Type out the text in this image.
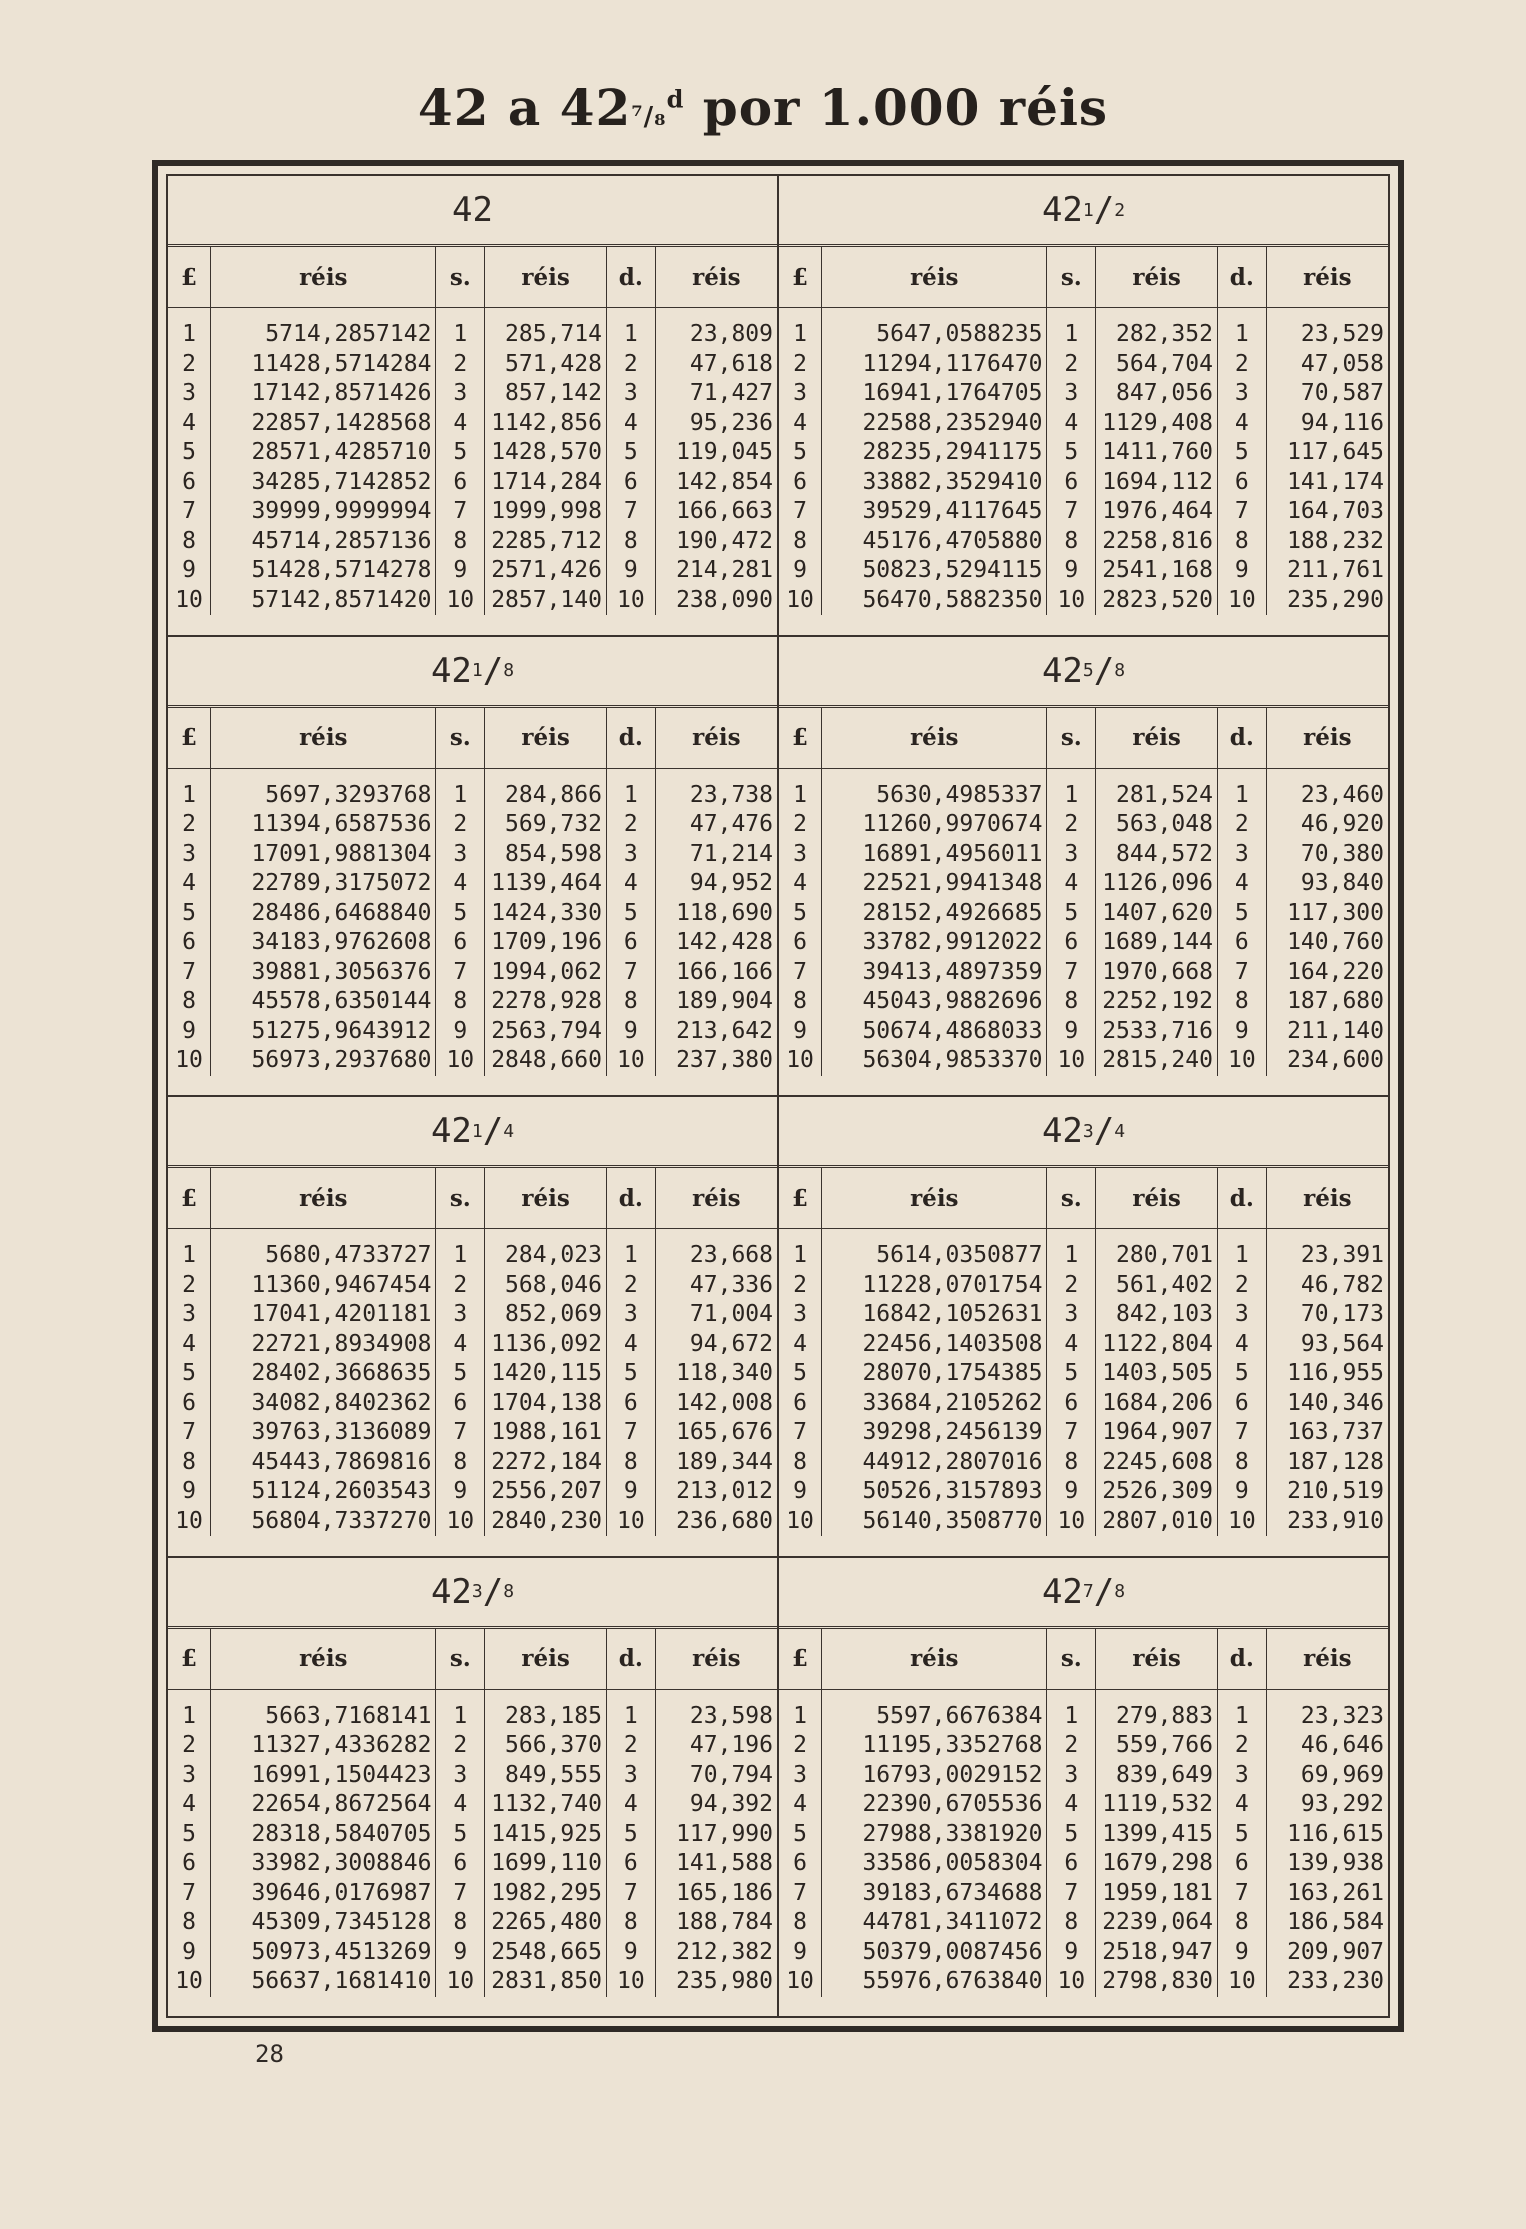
42 a 42⁷/₈$^d$ por 1.000 réis
42
£	réis	s.	réis	d.	réis
1	5714,2857142	1	285,714	1	23,809
2	11428,5714284	2	571,428	2	47,618
3	17142,8571426	3	857,142	3	71,427
4	22857,1428568	4	1142,856	4	95,236
5	28571,4285710	5	1428,570	5	119,045
6	34285,7142852	6	1714,284	6	142,854
7	39999,9999994	7	1999,998	7	166,663
8	45714,2857136	8	2285,712	8	190,472
9	51428,5714278	9	2571,426	9	214,281
10	57142,8571420	10	2857,140	10	238,090
42 1 / 2
£	réis	s.	réis	d.	réis
1	5647,0588235	1	282,352	1	23,529
2	11294,1176470	2	564,704	2	47,058
3	16941,1764705	3	847,056	3	70,587
4	22588,2352940	4	1129,408	4	94,116
5	28235,2941175	5	1411,760	5	117,645
6	33882,3529410	6	1694,112	6	141,174
7	39529,4117645	7	1976,464	7	164,703
8	45176,4705880	8	2258,816	8	188,232
9	50823,5294115	9	2541,168	9	211,761
10	56470,5882350	10	2823,520	10	235,290
42 1 / 8
£	réis	s.	réis	d.	réis
1	5697,3293768	1	284,866	1	23,738
2	11394,6587536	2	569,732	2	47,476
3	17091,9881304	3	854,598	3	71,214
4	22789,3175072	4	1139,464	4	94,952
5	28486,6468840	5	1424,330	5	118,690
6	34183,9762608	6	1709,196	6	142,428
7	39881,3056376	7	1994,062	7	166,166
8	45578,6350144	8	2278,928	8	189,904
9	51275,9643912	9	2563,794	9	213,642
10	56973,2937680	10	2848,660	10	237,380
42 5 / 8
£	réis	s.	réis	d.	réis
1	5630,4985337	1	281,524	1	23,460
2	11260,9970674	2	563,048	2	46,920
3	16891,4956011	3	844,572	3	70,380
4	22521,9941348	4	1126,096	4	93,840
5	28152,4926685	5	1407,620	5	117,300
6	33782,9912022	6	1689,144	6	140,760
7	39413,4897359	7	1970,668	7	164,220
8	45043,9882696	8	2252,192	8	187,680
9	50674,4868033	9	2533,716	9	211,140
10	56304,9853370	10	2815,240	10	234,600
42 1 / 4
£	réis	s.	réis	d.	réis
1	5680,4733727	1	284,023	1	23,668
2	11360,9467454	2	568,046	2	47,336
3	17041,4201181	3	852,069	3	71,004
4	22721,8934908	4	1136,092	4	94,672
5	28402,3668635	5	1420,115	5	118,340
6	34082,8402362	6	1704,138	6	142,008
7	39763,3136089	7	1988,161	7	165,676
8	45443,7869816	8	2272,184	8	189,344
9	51124,2603543	9	2556,207	9	213,012
10	56804,7337270	10	2840,230	10	236,680
42 3 / 4
£	réis	s.	réis	d.	réis
1	5614,0350877	1	280,701	1	23,391
2	11228,0701754	2	561,402	2	46,782
3	16842,1052631	3	842,103	3	70,173
4	22456,1403508	4	1122,804	4	93,564
5	28070,1754385	5	1403,505	5	116,955
6	33684,2105262	6	1684,206	6	140,346
7	39298,2456139	7	1964,907	7	163,737
8	44912,2807016	8	2245,608	8	187,128
9	50526,3157893	9	2526,309	9	210,519
10	56140,3508770	10	2807,010	10	233,910
42 3 / 8
£	réis	s.	réis	d.	réis
1	5663,7168141	1	283,185	1	23,598
2	11327,4336282	2	566,370	2	47,196
3	16991,1504423	3	849,555	3	70,794
4	22654,8672564	4	1132,740	4	94,392
5	28318,5840705	5	1415,925	5	117,990
6	33982,3008846	6	1699,110	6	141,588
7	39646,0176987	7	1982,295	7	165,186
8	45309,7345128	8	2265,480	8	188,784
9	50973,4513269	9	2548,665	9	212,382
10	56637,1681410	10	2831,850	10	235,980
42 7 / 8
£	réis	s.	réis	d.	réis
1	5597,6676384	1	279,883	1	23,323
2	11195,3352768	2	559,766	2	46,646
3	16793,0029152	3	839,649	3	69,969
4	22390,6705536	4	1119,532	4	93,292
5	27988,3381920	5	1399,415	5	116,615
6	33586,0058304	6	1679,298	6	139,938
7	39183,6734688	7	1959,181	7	163,261
8	44781,3411072	8	2239,064	8	186,584
9	50379,0087456	9	2518,947	9	209,907
10	55976,6763840	10	2798,830	10	233,230
28
